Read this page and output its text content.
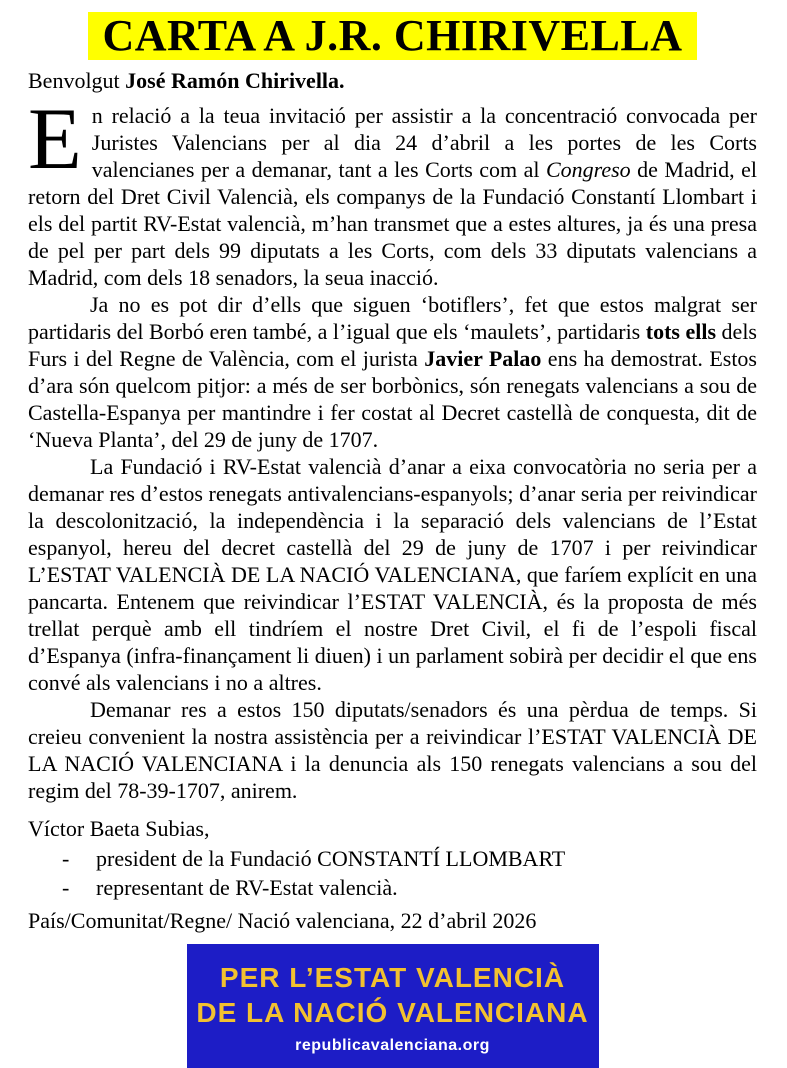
CARTA A J.R. CHIRIVELLA

Benvolgut José Ramón Chirivella.

En relació a la teua invitació per assistir a la concentració convocada per Juristes Valencians per al dia 24 d’abril a les portes de les Corts valencianes per a demanar, tant a les Corts com al Congreso de Madrid, el retorn del Dret Civil Valencià, els companys de la Fundació Constantí Llombart i els del partit RV-Estat valencià, m’han transmet que a estes altures, ja és una presa de pel per part dels 99 diputats a les Corts, com dels 33 diputats valencians a Madrid, com dels 18 senadors, la seua inacció.

Ja no es pot dir d’ells que siguen ‘botiflers’, fet que estos malgrat ser partidaris del Borbó eren també, a l’igual que els ‘maulets’, partidaris tots ells dels Furs i del Regne de València, com el jurista Javier Palao ens ha demostrat. Estos d’ara són quelcom pitjor: a més de ser borbònics, són renegats valencians a sou de Castella-Espanya per mantindre i fer costat al Decret castellà de conquesta, dit de ‘Nueva Planta’, del 29 de juny de 1707.

La Fundació i RV-Estat valencià d’anar a eixa convocatòria no seria per a demanar res d’estos renegats antivalencians-espanyols; d’anar seria per reivindicar la descolonització, la independència i la separació dels valencians de l’Estat espanyol, hereu del decret castellà del 29 de juny de 1707 i per reivindicar L’ESTAT VALENCIÀ DE LA NACIÓ VALENCIANA, que faríem explícit en una pancarta. Entenem que reivindicar l’ESTAT VALENCIÀ, és la proposta de més trellat perquè amb ell tindríem el nostre Dret Civil, el fi de l’espoli fiscal d’Espanya (infra-finançament li diuen) i un parlament sobirà per decidir el que ens convé als valencians i no a altres.

Demanar res a estos 150 diputats/senadors és una pèrdua de temps. Si creieu convenient la nostra assistència per a reivindicar l’ESTAT VALENCIÀ DE LA NACIÓ VALENCIANA i la denuncia als 150 renegats valencians a sou del regim del 78-39-1707, anirem.

Víctor Baeta Subias,

-	president de la Fundació CONSTANTÍ LLOMBART
-	representant de RV-Estat valencià.

País/Comunitat/Regne/ Nació valenciana, 22 d’abril 2026

PER L’ESTAT VALENCIÀ
DE LA NACIÓ VALENCIANA
republicavalenciana.org
